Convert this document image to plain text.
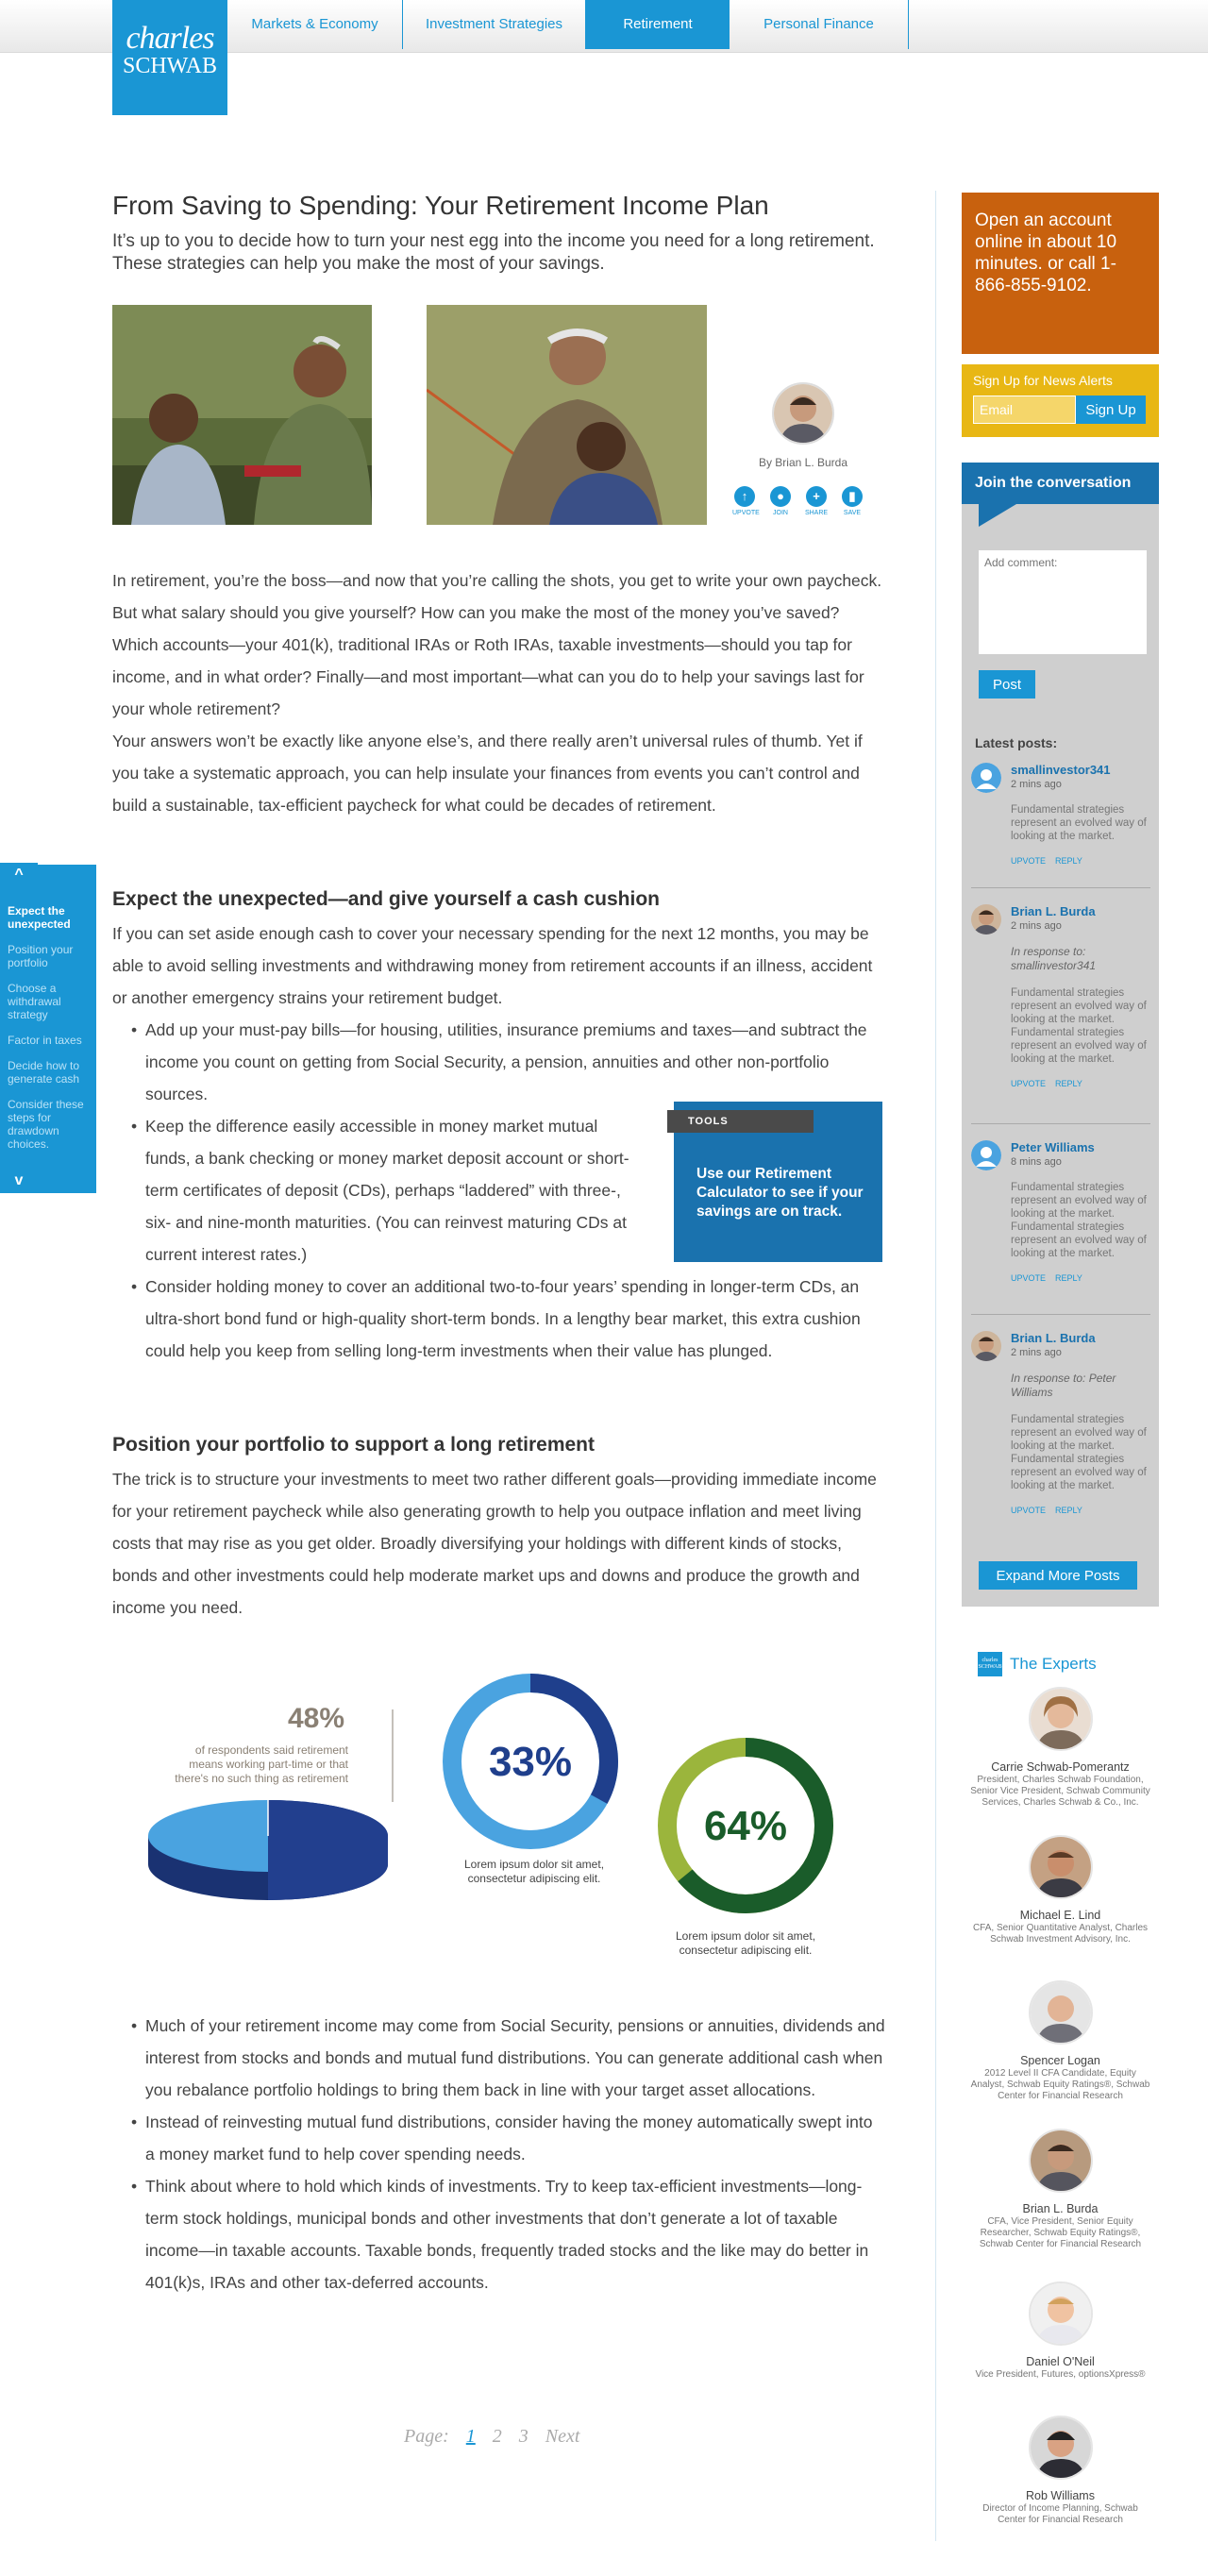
charles
SCHWAB
Markets & Economy	Investment Strategies	Retirement	Personal Finance
From Saving to Spending: Your Retirement Income Plan

It’s up to you to decide how to turn your nest egg into the income you need for a long retirement. These strategies can help you make the most of your savings.

By Brian L. Burda
↑
UPVOTE
●
JOIN
+
SHARE
▮
SAVE

In retirement, you’re the boss—and now that you’re calling the shots, you get to write your own paycheck. But what salary should you give yourself? How can you make the most of the money you’ve saved? Which accounts—your 401(k), traditional IRAs or Roth IRAs, taxable investments—should you tap for income, and in what order? Finally—and most important—what can you do to help your savings last for your whole retirement?

Your answers won’t be exactly like anyone else’s, and there really aren’t universal rules of thumb. Yet if you take a systematic approach, you can help insulate your finances from events you can’t control and build a sustainable, tax-efficient paycheck for what could be decades of retirement.

Expect the unexpected—and give yourself a cash cushion

If you can set aside enough cash to cover your necessary spending for the next 12 months, you may be able to avoid selling investments and withdrawing money from retirement accounts if an illness, accident or another emergency strains your retirement budget.

• Add up your must-pay bills—for housing, utilities, insurance premiums and taxes—and subtract the income you count on getting from Social Security, a pension, annuities and other non-portfolio sources.
• Keep the difference easily accessible in money market mutual funds, a bank checking or money market deposit account or short-term certificates of deposit (CDs), perhaps “laddered” with three-, six- and nine-month maturities. (You can reinvest maturing CDs at current interest rates.)
• Consider holding money to cover an additional two-to-four years’ spending in longer-term CDs, an ultra-short bond fund or high-quality short-term bonds. In a lengthy bear market, this extra cushion could help you keep from selling long-term investments when their value has plunged.
Position your portfolio to support a long retirement

The trick is to structure your investments to meet two rather different goals—providing immediate income for your retirement paycheck while also generating growth to help you outpace inflation and meet living costs that may rise as you get older. Broadly diversifying your holdings with different kinds of stocks, bonds and other investments could help moderate market ups and downs and produce the growth and income you need.

48%
of respondents said retirement means working part-time or that there's no such thing as retirement	33%
Lorem ipsum dolor sit amet, consectetur adipiscing elit.
64%
Lorem ipsum dolor sit amet, consectetur adipiscing elit.
• Much of your retirement income may come from Social Security, pensions or annuities, dividends and interest from stocks and bonds and mutual fund distributions. You can generate additional cash when you rebalance portfolio holdings to bring them back in line with your target asset allocations.
• Instead of reinvesting mutual fund distributions, consider having the money automatically swept into a money market fund to help cover spending needs.
• Think about where to hold which kinds of investments. Try to keep tax-efficient investments—long-term stock holdings, municipal bonds and other investments that don’t generate a lot of taxable income—in taxable accounts. Taxable bonds, frequently traded stocks and the like may do better in 401(k)s, IRAs and other tax-deferred accounts.
TOOLS
Use our Retirement Calculator to see if your savings are on track.
^
Expect the unexpected
Position your portfolio
Choose a withdrawal strategy
Factor in taxes
Decide how to generate cash
Consider these steps for drawdown choices.
v
Page: 1 2 3 Next
Open an account online in about 10 minutes. or call 1-866-855-9102.
Sign Up for News Alerts
Email
Sign Up
Join the conversation
Add comment:
Post
Latest posts:
smallinvestor341
2 mins ago
Fundamental strategies represent an evolved way of looking at the market.
UPVOTE REPLY
Brian L. Burda
2 mins ago
In response to: smallinvestor341
Fundamental strategies represent an evolved way of looking at the market. Fundamental strategies represent an evolved way of looking at the market.
UPVOTE REPLY
Peter Williams
8 mins ago
Fundamental strategies represent an evolved way of looking at the market. Fundamental strategies represent an evolved way of looking at the market.
UPVOTE REPLY
Brian L. Burda
2 mins ago
In response to: Peter Williams
Fundamental strategies represent an evolved way of looking at the market. Fundamental strategies represent an evolved way of looking at the market.
UPVOTE REPLY
Expand More Posts
charles SCHWAB The Experts
Carrie Schwab-Pomerantz
President, Charles Schwab Foundation, Senior Vice President, Schwab Community Services, Charles Schwab & Co., Inc.
Michael E. Lind
CFA, Senior Quantitative Analyst, Charles Schwab Investment Advisory, Inc.
Spencer Logan
2012 Level II CFA Candidate, Equity Analyst, Schwab Equity Ratings®, Schwab Center for Financial Research
Brian L. Burda
CFA, Vice President, Senior Equity Researcher, Schwab Equity Ratings®, Schwab Center for Financial Research
Daniel O'Neil
Vice President, Futures, optionsXpress®
Rob Williams
Director of Income Planning, Schwab Center for Financial Research
